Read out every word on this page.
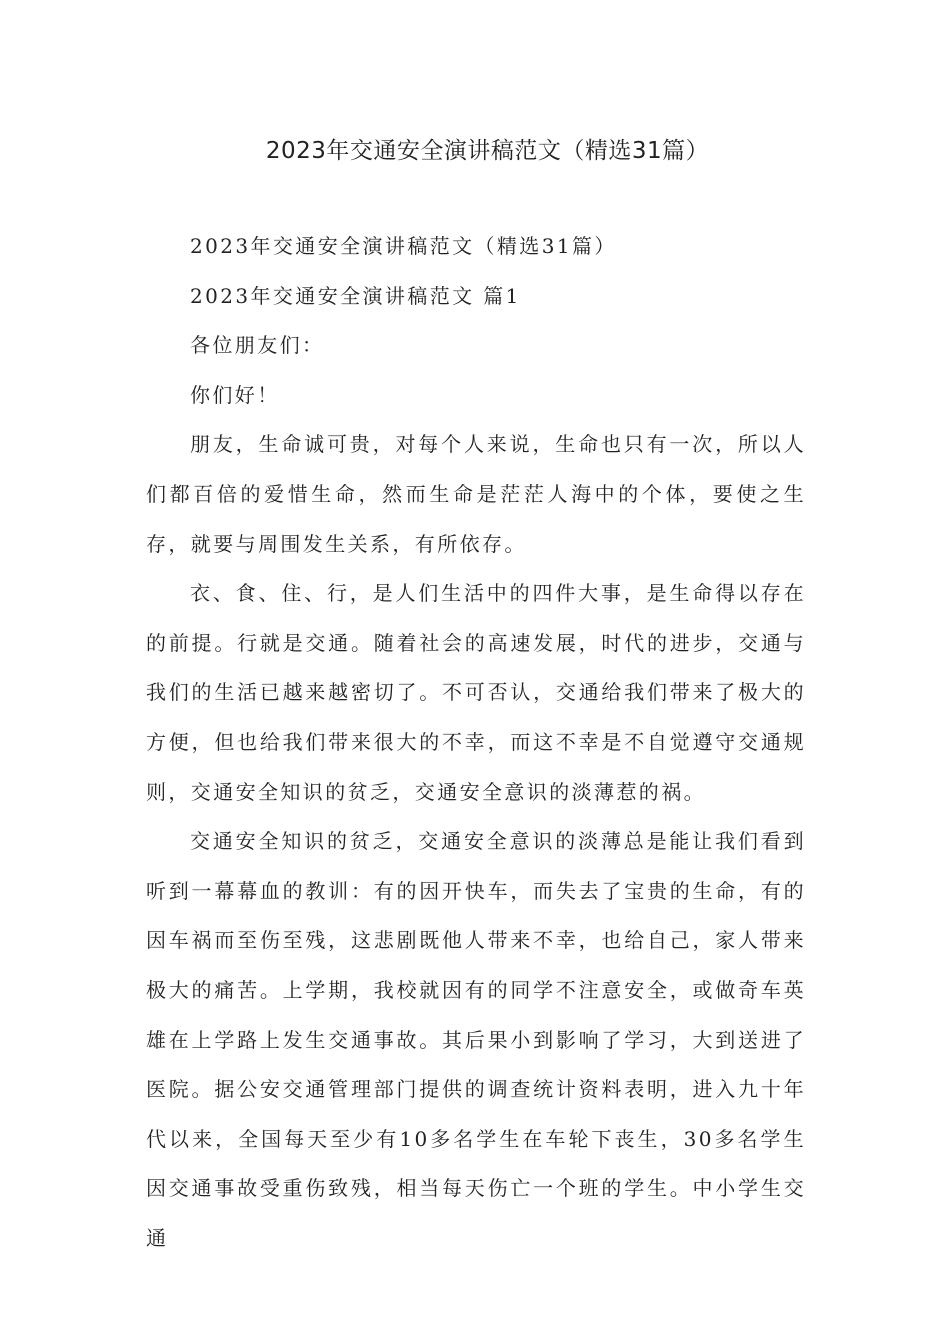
2023年交通安全演讲稿范文（精选31篇）

2023年交通安全演讲稿范文（精选31篇）

2023年交通安全演讲稿范文 篇1

各位朋友们：

你们好！

朋友，生命诚可贵，对每个人来说，生命也只有一次，所以人们都百倍的爱惜生命，然而生命是茫茫人海中的个体，要使之生存，就要与周围发生关系，有所依存。

衣、食、住、行，是人们生活中的四件大事，是生命得以存在的前提。行就是交通。随着社会的高速发展，时代的进步，交通与我们的生活已越来越密切了。不可否认，交通给我们带来了极大的方便，但也给我们带来很大的不幸，而这不幸是不自觉遵守交通规则，交通安全知识的贫乏，交通安全意识的淡薄惹的祸。

交通安全知识的贫乏，交通安全意识的淡薄总是能让我们看到听到一幕幕血的教训：有的因开快车，而失去了宝贵的生命，有的因车祸而至伤至残，这悲剧既他人带来不幸，也给自己，家人带来极大的痛苦。上学期，我校就因有的同学不注意安全，或做奇车英雄在上学路上发生交通事故。其后果小到影响了学习，大到送进了医院。据公安交通管理部门提供的调查统计资料表明，进入九十年代以来，全国每天至少有10多名学生在车轮下丧生，30多名学生因交通事故受重伤致残，相当每天伤亡一个班的学生。中小学生交通
